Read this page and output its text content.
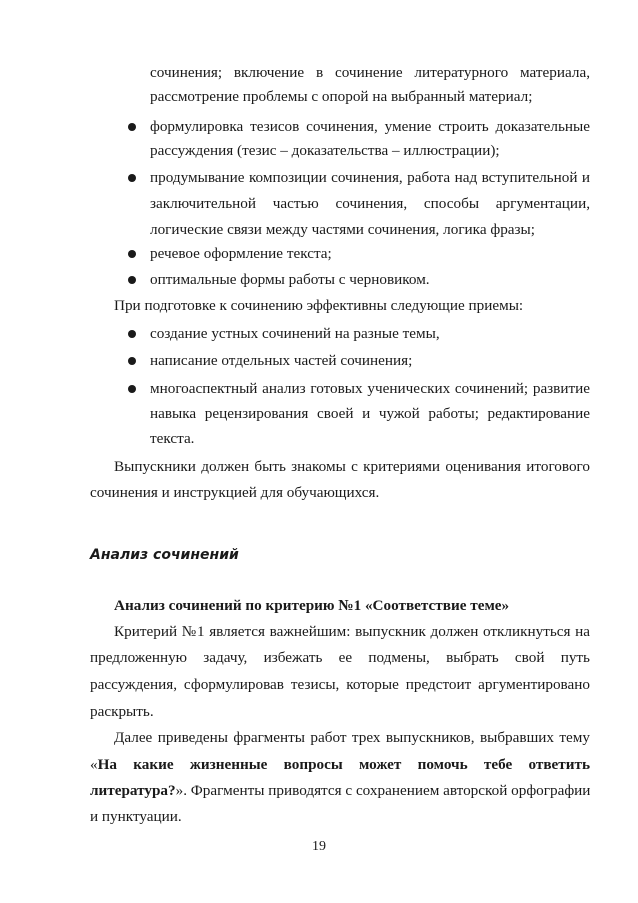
сочинения; включение в сочинение литературного материала,
рассмотрение проблемы с опорой на выбранный материал;
формулировка тезисов сочинения, умение строить доказательные
рассуждения (тезис – доказательства – иллюстрации);
продумывание композиции сочинения, работа над вступительной и
заключительной частью сочинения, способы аргументации,
логические связи между частями сочинения, логика фразы;
речевое оформление текста;
оптимальные формы работы с черновиком.
При подготовке к сочинению эффективны следующие приемы:
создание устных сочинений на разные темы,
написание отдельных частей сочинения;
многоаспектный анализ готовых ученических сочинений; развитие
навыка рецензирования своей и чужой работы; редактирование
текста.
Выпускники должен быть знакомы с критериями оценивания итогового
сочинения и инструкцией для обучающихся.
Анализ сочинений
Анализ сочинений по критерию №1 «Соответствие теме»
Критерий №1 является важнейшим: выпускник должен откликнуться на
предложенную задачу, избежать ее подмены, выбрать свой путь
рассуждения, сформулировав тезисы, которые предстоит аргументировано
раскрыть.
Далее приведены фрагменты работ трех выпускников, выбравших тему
«На какие жизненные вопросы может помочь тебе ответить
литература?». Фрагменты приводятся с сохранением авторской орфографии
и пунктуации.
19
